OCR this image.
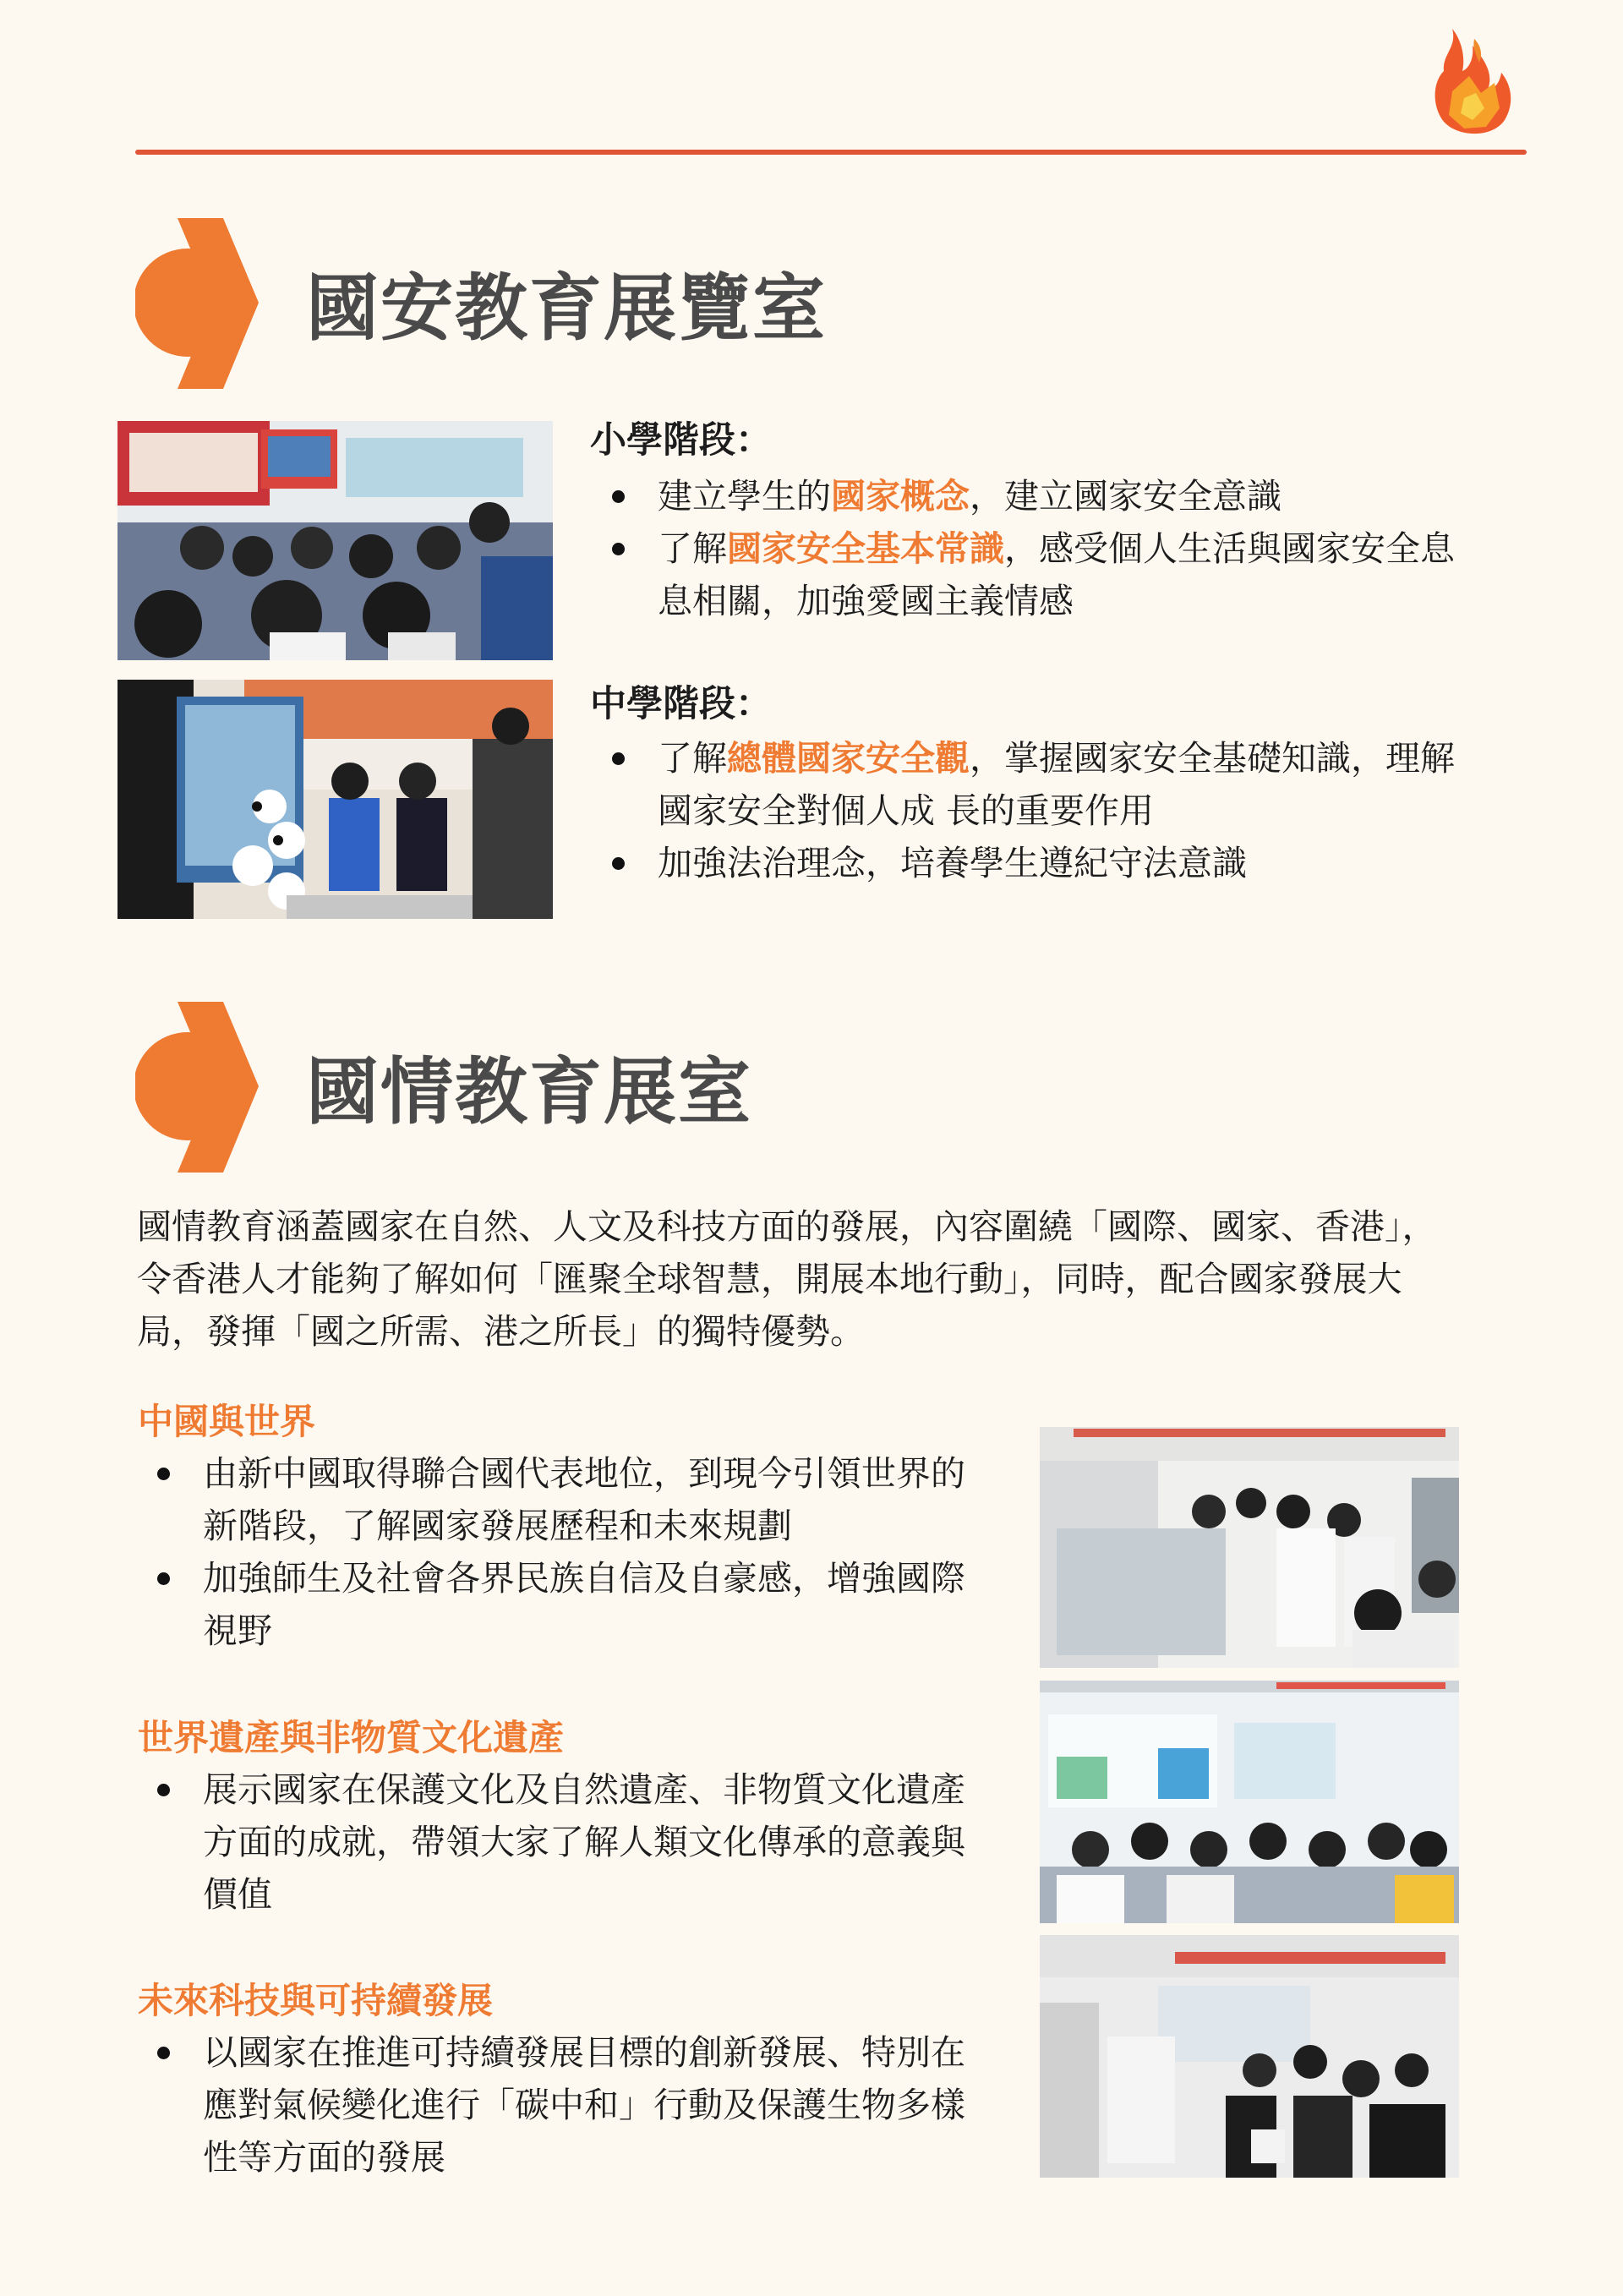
國安教育展覽室
小學階段：
建立學生的國家概念，建立國家安全意識
了解國家安全基本常識，感受個人生活與國家安全息息相關，加強愛國主義情感
中學階段：
了解總體國家安全觀，掌握國家安全基礎知識，理解國家安全對個人成 長的重要作用
加強法治理念，培養學生遵紀守法意識
國情教育展室
國情教育涵蓋國家在自然、人文及科技方面的發展，內容圍繞「國際、國家、香港」，令香港人才能夠了解如何「匯聚全球智慧，開展本地行動」，同時，配合國家發展大局，發揮「國之所需、港之所長」的獨特優勢。
中國與世界
由新中國取得聯合國代表地位，到現今引領世界的新階段，了解國家發展歷程和未來規劃
加強師生及社會各界民族自信及自豪感，增強國際視野
世界遺產與非物質文化遺產
展示國家在保護文化及自然遺產、非物質文化遺產方面的成就，帶領大家了解人類文化傳承的意義與價值
未來科技與可持續發展
以國家在推進可持續發展目標的創新發展、特別在應對氣候變化進行「碳中和」行動及保護生物多樣性等方面的發展
